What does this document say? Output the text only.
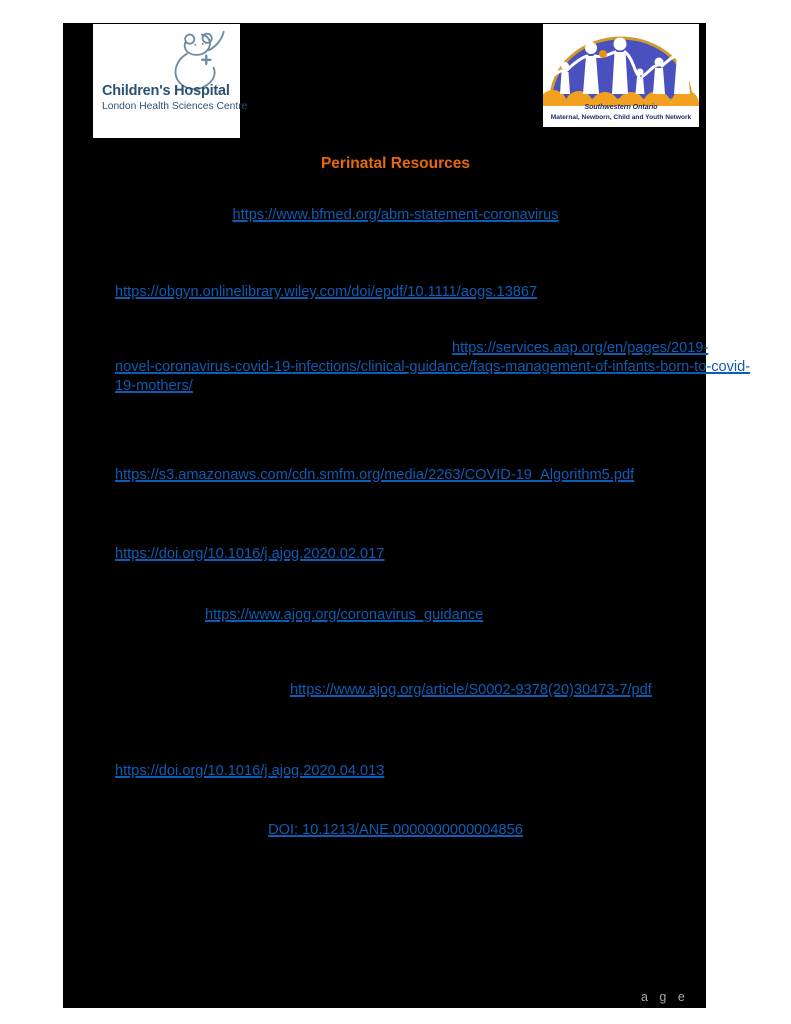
Children's Hospital
London Health Sciences Centre	Southwestern Ontario
Maternal, Newborn, Child and Youth Network
Perinatal Resources
https://www.bfmed.org/abm-statement-coronavirus
https://obgyn.onlinelibrary.wiley.com/doi/epdf/10.1111/aogs.13867
https://services.aap.org/en/pages/2019-
novel-coronavirus-covid-19-infections/clinical-guidance/faqs-management-of-infants-born-to-covid-
19-mothers/
https://s3.amazonaws.com/cdn.smfm.org/media/2263/COVID-19_Algorithm5.pdf
https://doi.org/10.1016/j.ajog.2020.02.017
https://www.ajog.org/coronavirus_guidance
https://www.ajog.org/article/S0002-9378(20)30473-7/pdf
https://doi.org/10.1016/j.ajog.2020.04.013
DOI: 10.1213/ANE.0000000000004856
a g e
